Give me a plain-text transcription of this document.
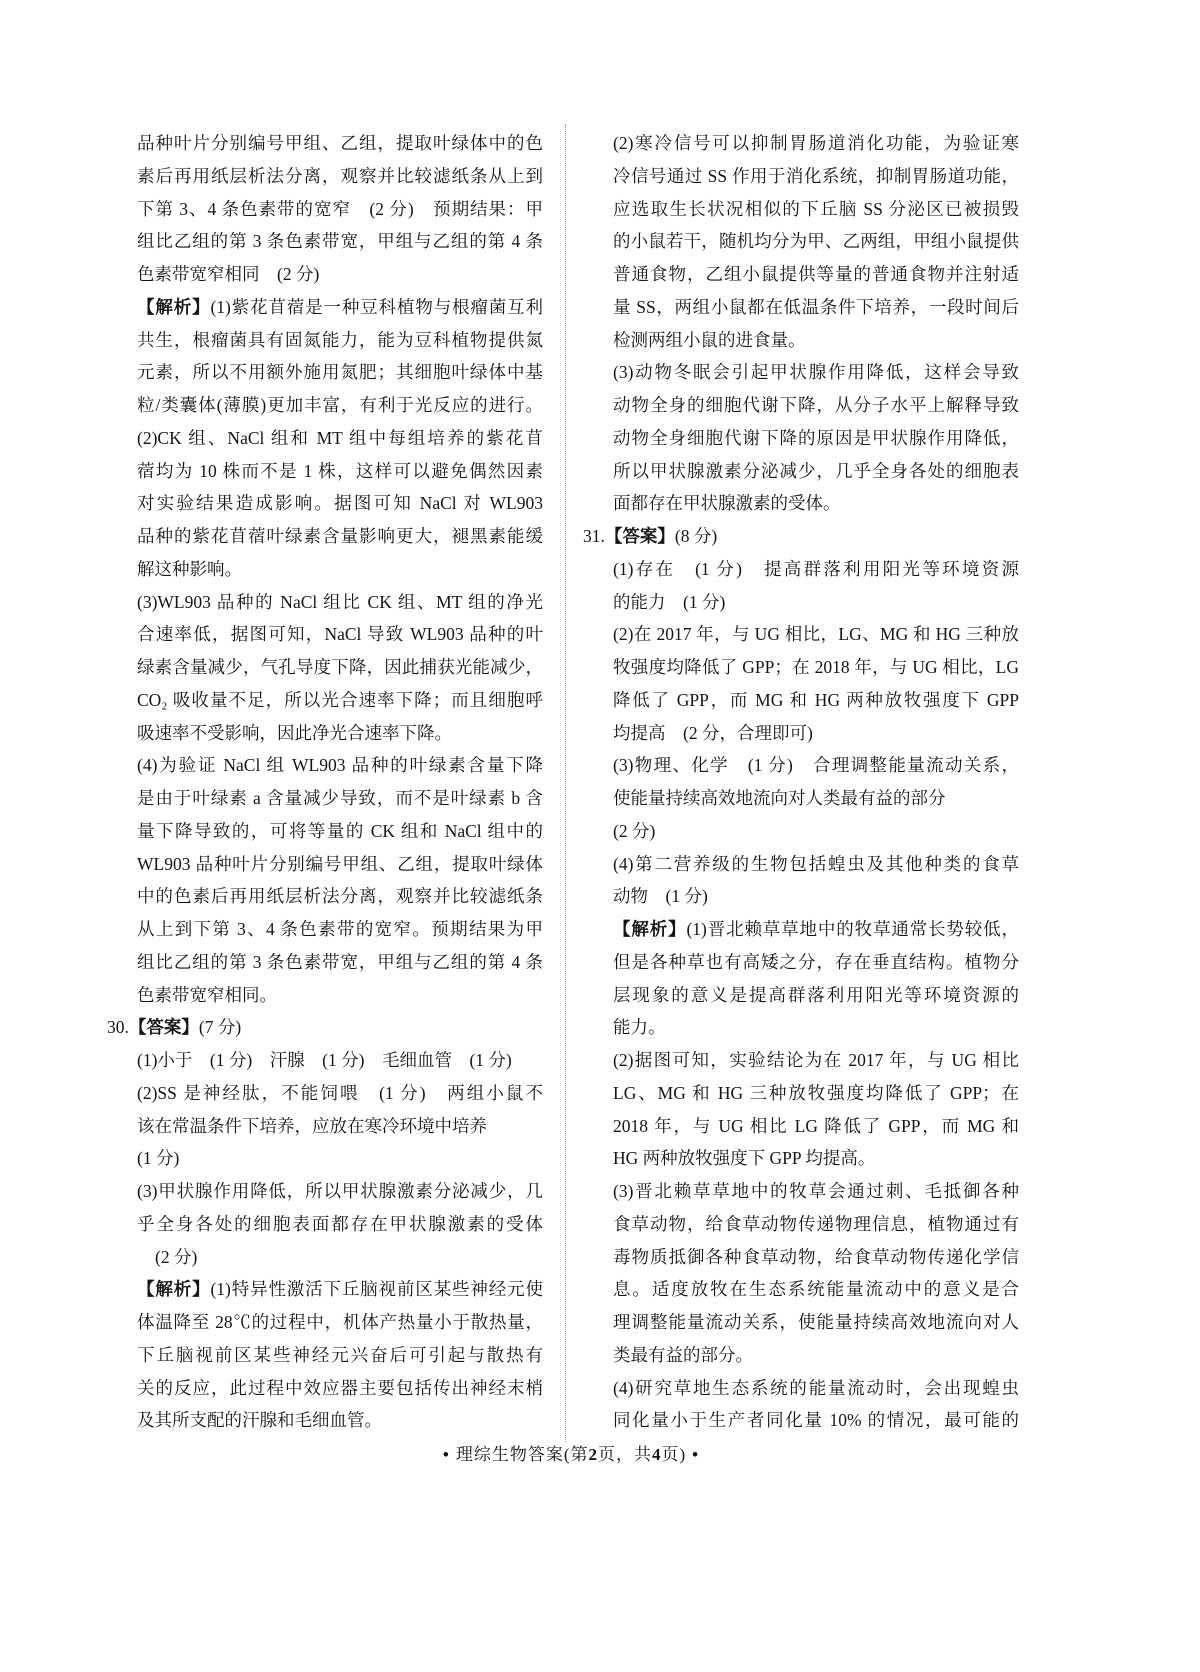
品种叶片分别编号甲组、乙组，提取叶绿体中的色
素后再用纸层析法分离，观察并比较滤纸条从上到
下第 3、4 条色素带的宽窄　(2 分)　预期结果：甲
组比乙组的第 3 条色素带宽，甲组与乙组的第 4 条
色素带宽窄相同　(2 分)
【解析】(1)紫花苜蓿是一种豆科植物与根瘤菌互利
共生，根瘤菌具有固氮能力，能为豆科植物提供氮
元素，所以不用额外施用氮肥；其细胞叶绿体中基
粒/类囊体(薄膜)更加丰富，有利于光反应的进行。
(2)CK 组、NaCl 组和 MT 组中每组培养的紫花苜
蓿均为 10 株而不是 1 株，这样可以避免偶然因素
对实验结果造成影响。据图可知 NaCl 对 WL903
品种的紫花苜蓿叶绿素含量影响更大，褪黑素能缓
解这种影响。
(3)WL903 品种的 NaCl 组比 CK 组、MT 组的净光
合速率低，据图可知，NaCl 导致 WL903 品种的叶
绿素含量减少，气孔导度下降，因此捕获光能减少，
CO₂ 吸收量不足，所以光合速率下降；而且细胞呼
吸速率不受影响，因此净光合速率下降。
(4)为验证 NaCl 组 WL903 品种的叶绿素含量下降
是由于叶绿素 a 含量减少导致，而不是叶绿素 b 含
量下降导致的，可将等量的 CK 组和 NaCl 组中的
WL903 品种叶片分别编号甲组、乙组，提取叶绿体
中的色素后再用纸层析法分离，观察并比较滤纸条
从上到下第 3、4 条色素带的宽窄。预期结果为甲
组比乙组的第 3 条色素带宽，甲组与乙组的第 4 条
色素带宽窄相同。
30.【答案】(7 分)
(1)小于　(1 分)　汗腺　(1 分)　毛细血管　(1 分)
(2)SS 是神经肽，不能饲喂　(1 分)　两组小鼠不
该在常温条件下培养，应放在寒冷环境中培养
(1 分)
(3)甲状腺作用降低，所以甲状腺激素分泌减少，几
乎全身各处的细胞表面都存在甲状腺激素的受体
(2 分)
【解析】(1)特异性激活下丘脑视前区某些神经元使
体温降至 28℃的过程中，机体产热量小于散热量，
下丘脑视前区某些神经元兴奋后可引起与散热有
关的反应，此过程中效应器主要包括传出神经末梢
及其所支配的汗腺和毛细血管。
(2)寒冷信号可以抑制胃肠道消化功能，为验证寒
冷信号通过 SS 作用于消化系统，抑制胃肠道功能，
应选取生长状况相似的下丘脑 SS 分泌区已被损毁
的小鼠若干，随机均分为甲、乙两组，甲组小鼠提供
普通食物，乙组小鼠提供等量的普通食物并注射适
量 SS，两组小鼠都在低温条件下培养，一段时间后
检测两组小鼠的进食量。
(3)动物冬眠会引起甲状腺作用降低，这样会导致
动物全身的细胞代谢下降，从分子水平上解释导致
动物全身细胞代谢下降的原因是甲状腺作用降低，
所以甲状腺激素分泌减少，几乎全身各处的细胞表
面都存在甲状腺激素的受体。
31.【答案】(8 分)
(1)存在　(1 分)　提高群落利用阳光等环境资源
的能力　(1 分)
(2)在 2017 年，与 UG 相比，LG、MG 和 HG 三种放
牧强度均降低了 GPP；在 2018 年，与 UG 相比，LG
降低了 GPP，而 MG 和 HG 两种放牧强度下 GPP
均提高　(2 分，合理即可)
(3)物理、化学　(1 分)　合理调整能量流动关系，
使能量持续高效地流向对人类最有益的部分
(2 分)
(4)第二营养级的生物包括蝗虫及其他种类的食草
动物　(1 分)
【解析】(1)晋北赖草草地中的牧草通常长势较低，
但是各种草也有高矮之分，存在垂直结构。植物分
层现象的意义是提高群落利用阳光等环境资源的
能力。
(2)据图可知，实验结论为在 2017 年，与 UG 相比
LG、MG 和 HG 三种放牧强度均降低了 GPP；在
2018 年，与 UG 相比 LG 降低了 GPP，而 MG 和
HG 两种放牧强度下 GPP 均提高。
(3)晋北赖草草地中的牧草会通过刺、毛抵御各种
食草动物，给食草动物传递物理信息，植物通过有
毒物质抵御各种食草动物，给食草动物传递化学信
息。适度放牧在生态系统能量流动中的意义是合
理调整能量流动关系，使能量持续高效地流向对人
类最有益的部分。
(4)研究草地生态系统的能量流动时，会出现蝗虫
同化量小于生产者同化量 10% 的情况，最可能的
• 理综生物答案(第2页，共4页) •
